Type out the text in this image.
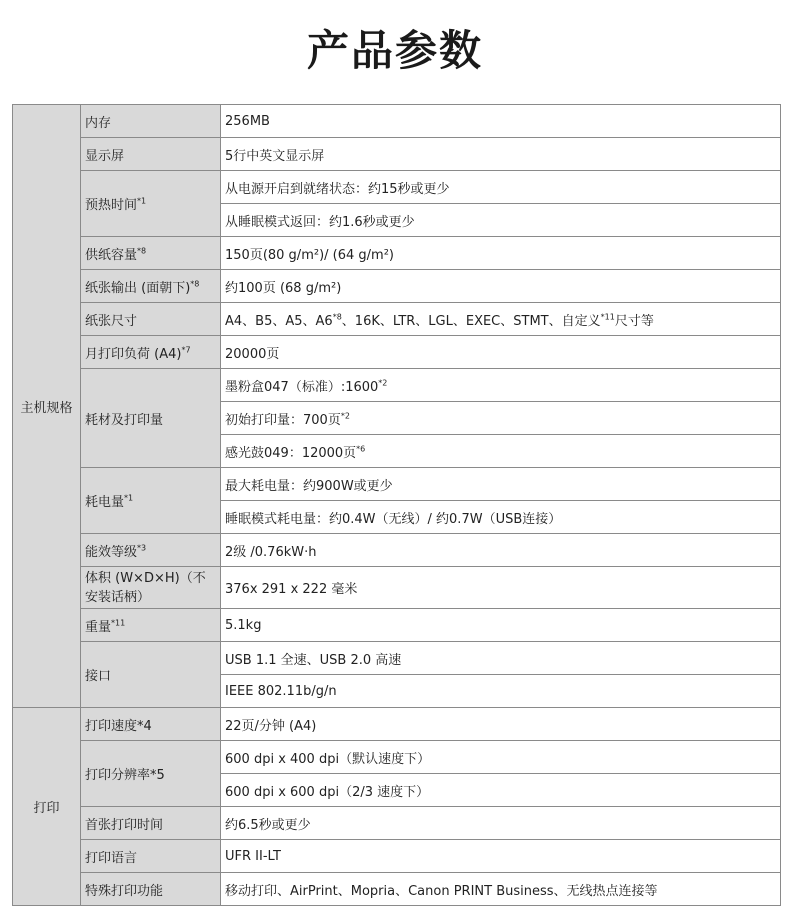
产品参数
主机规格	内存	256MB
	显示屏	5行中英文显示屏
	预热时间$^{*1}$	从电源开启到就绪状态：约15秒或更少
		从睡眠模式返回：约1.6秒或更少
	供纸容量$^{*8}$	150页(80 g/m²)/ (64 g/m²)
	纸张输出 (面朝下)$^{*8}$	约100页 (68 g/m²)
	纸张尺寸	A4、B5、A5、A6$^{*8}$、16K、LTR、LGL、EXEC、STMT、自定义$^{*11}$尺寸等
	月打印负荷 $(A4)^{*7}$	20000页
	耗材及打印量	墨粉盒047（标准）:1600$^{*2}$
		初始打印量：700页$^{*2}$
		感光鼓049：12000页$^{*6}$
	耗电量$^{*1}$	最大耗电量：约900W或更少
		睡眠模式耗电量：约0.4W（无线）/ 约0.7W（USB连接）
	能效等级$^{*3}$	2级 /0.76kW·h
	体积 (W×D×H)（不安装话柄）	376x 291 x 222 毫米
	重量$^{*11}$	5.1kg
	接口	USB 1.1 全速、USB 2.0 高速
		IEEE 802.11b/g/n
打印	打印速度*4	22页/分钟 (A4)
	打印分辨率*5	600 dpi x 400 dpi（默认速度下）
		600 dpi x 600 dpi（2/3 速度下）
	首张打印时间	约6.5秒或更少
	打印语言	UFR II-LT
	特殊打印功能	移动打印、AirPrint、Mopria、Canon PRINT Business、无线热点连接等
